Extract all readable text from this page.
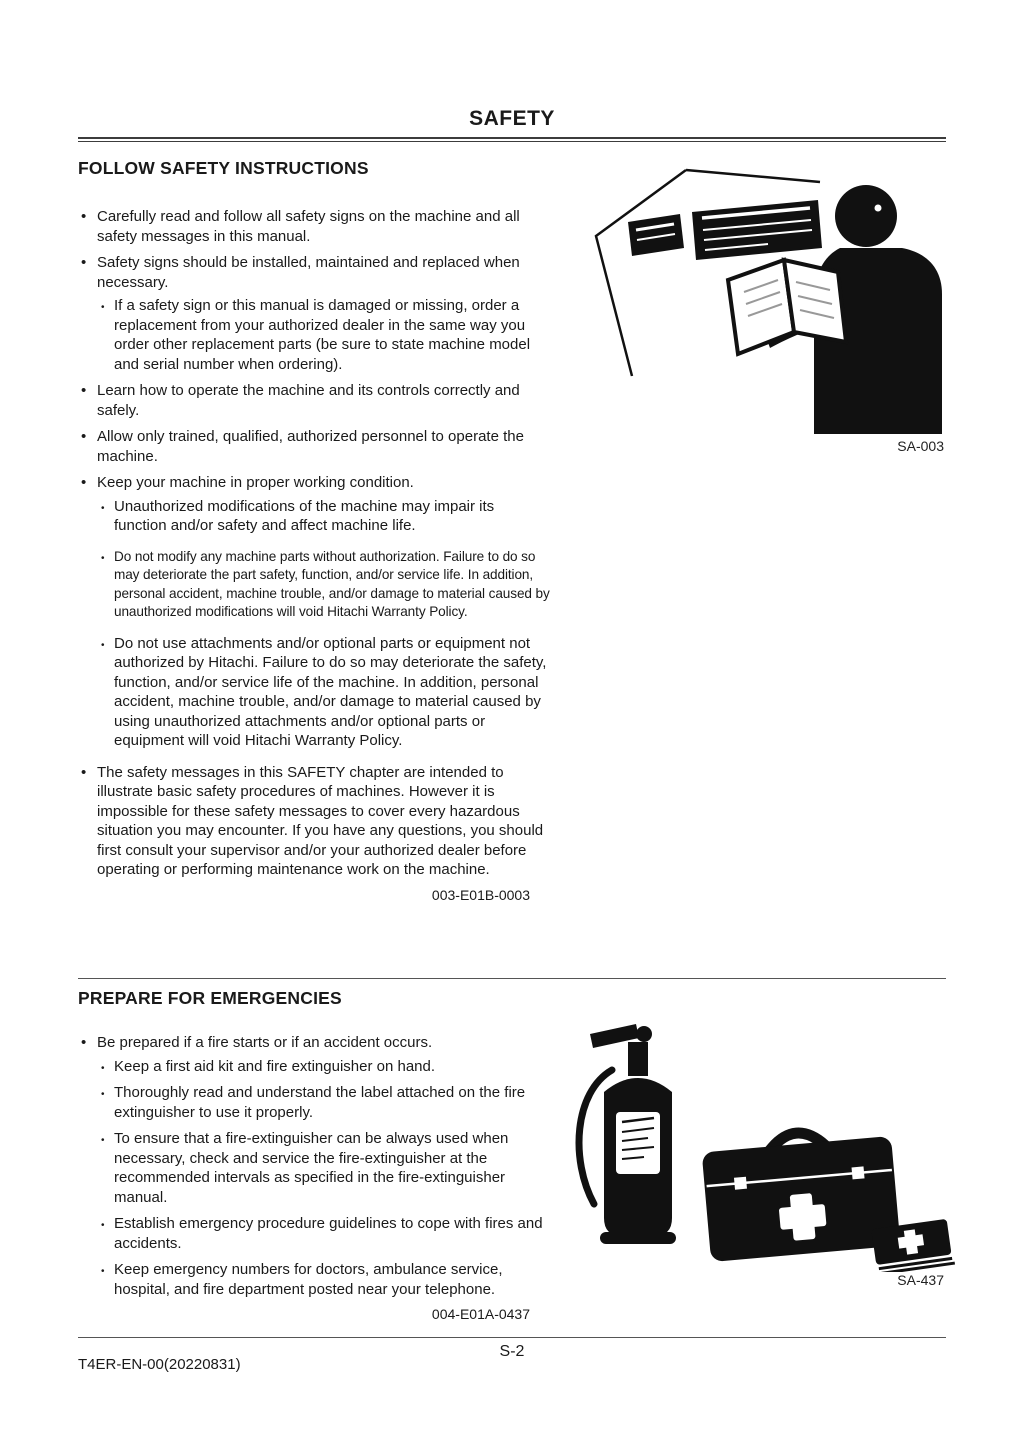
SAFETY
FOLLOW SAFETY INSTRUCTIONS
• Carefully read and follow all safety signs on the machine and all safety messages in this manual.
• Safety signs should be installed, maintained and replaced when necessary.
• If a safety sign or this manual is damaged or missing, order a replacement from your authorized dealer in the same way you order other replacement parts (be sure to state machine model and serial number when ordering).
• Learn how to operate the machine and its controls correctly and safely.
• Allow only trained, qualified, authorized personnel to operate the machine.
• Keep your machine in proper working condition.
• Unauthorized modifications of the machine may impair its function and/or safety and affect machine life.
• Do not modify any machine parts without authorization. Failure to do so may deteriorate the part safety, function, and/or service life. In addition, personal accident, machine trouble, and/or damage to material caused by unauthorized modifications will void Hitachi Warranty Policy.
• Do not use attachments and/or optional parts or equipment not authorized by Hitachi. Failure to do so may deteriorate the safety, function, and/or service life of the machine. In addition, personal accident, machine trouble, and/or damage to material caused by using unauthorized attachments and/or optional parts or equipment will void Hitachi Warranty Policy.
• The safety messages in this SAFETY chapter are intended to illustrate basic safety procedures of machines. However it is impossible for these safety messages to cover every hazardous situation you may encounter. If you have any questions, you should first consult your supervisor and/or your authorized dealer before operating or performing maintenance work on the machine.
003-E01B-0003
SA-003
PREPARE FOR EMERGENCIES
• Be prepared if a fire starts or if an accident occurs.
• Keep a first aid kit and fire extinguisher on hand.
• Thoroughly read and understand the label attached on the fire extinguisher to use it properly.
• To ensure that a fire-extinguisher can be always used when necessary, check and service the fire-extinguisher at the recommended intervals as specified in the fire-extinguisher manual.
• Establish emergency procedure guidelines to cope with fires and accidents.
• Keep emergency numbers for doctors, ambulance service, hospital, and fire department posted near your telephone.
004-E01A-0437
SA-437
S-2
T4ER-EN-00(20220831)
